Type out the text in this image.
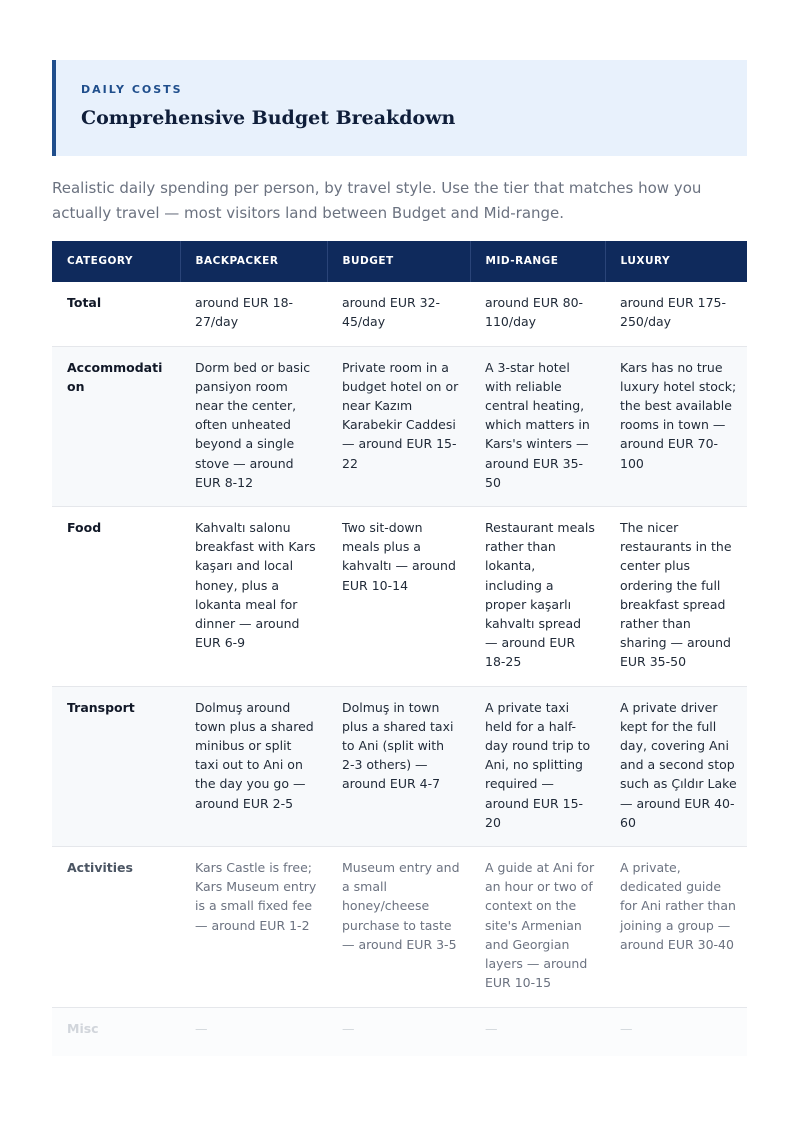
DAILY COSTS
Comprehensive Budget Breakdown
Realistic daily spending per person, by travel style. Use the tier that matches how you actually travel — most visitors land between Budget and Mid-range.
CATEGORY	BACKPACKER	BUDGET	MID-RANGE	LUXURY
Total	around EUR 18-27/day	around EUR 32-45/day	around EUR 80-110/day	around EUR 175-250/day
Accommodation	Dorm bed or basic pansiyon room near the center, often unheated beyond a single stove — around EUR 8-12	Private room in a budget hotel on or near Kazım Karabekir Caddesi — around EUR 15-22	A 3-star hotel with reliable central heating, which matters in Kars's winters — around EUR 35-50	Kars has no true luxury hotel stock; the best available rooms in town — around EUR 70-100
Food	Kahvaltı salonu breakfast with Kars kaşarı and local honey, plus a lokanta meal for dinner — around EUR 6-9	Two sit-down meals plus a kahvaltı — around EUR 10-14	Restaurant meals rather than lokanta, including a proper kaşarlı kahvaltı spread — around EUR 18-25	The nicer restaurants in the center plus ordering the full breakfast spread rather than sharing — around EUR 35-50
Transport	Dolmuş around town plus a shared minibus or split taxi out to Ani on the day you go — around EUR 2-5	Dolmuş in town plus a shared taxi to Ani (split with 2-3 others) — around EUR 4-7	A private taxi held for a half-day round trip to Ani, no splitting required — around EUR 15-20	A private driver kept for the full day, covering Ani and a second stop such as Çıldır Lake — around EUR 40-60
Activities	Kars Castle is free; Kars Museum entry is a small fixed fee — around EUR 1-2	Museum entry and a small honey/cheese purchase to taste — around EUR 3-5	A guide at Ani for an hour or two of context on the site's Armenian and Georgian layers — around EUR 10-15	A private, dedicated guide for Ani rather than joining a group — around EUR 30-40
Misc	—	—	—	—
